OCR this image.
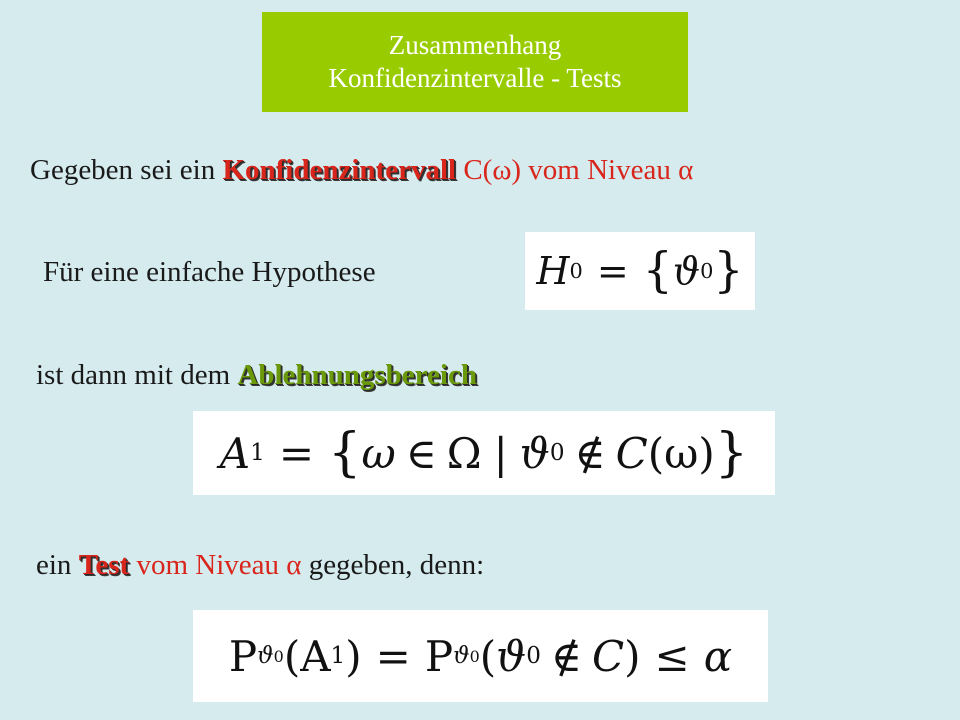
Zusammenhang
Konfidenzintervalle - Tests
Gegeben sei ein Konfidenzintervall C(ω) vom Niveau α
Für eine einfache Hypothese	H 0 = { ϑ 0 }
ist dann mit dem Ablehnungsbereich
A 1 = { ω ∈ Ω | ϑ 0 ∉ C (ω) }
ein Test vom Niveau α gegeben, denn:
P ϑ 0 (A 1 ) = P ϑ 0 ( ϑ 0 ∉ C ) ≤ α
